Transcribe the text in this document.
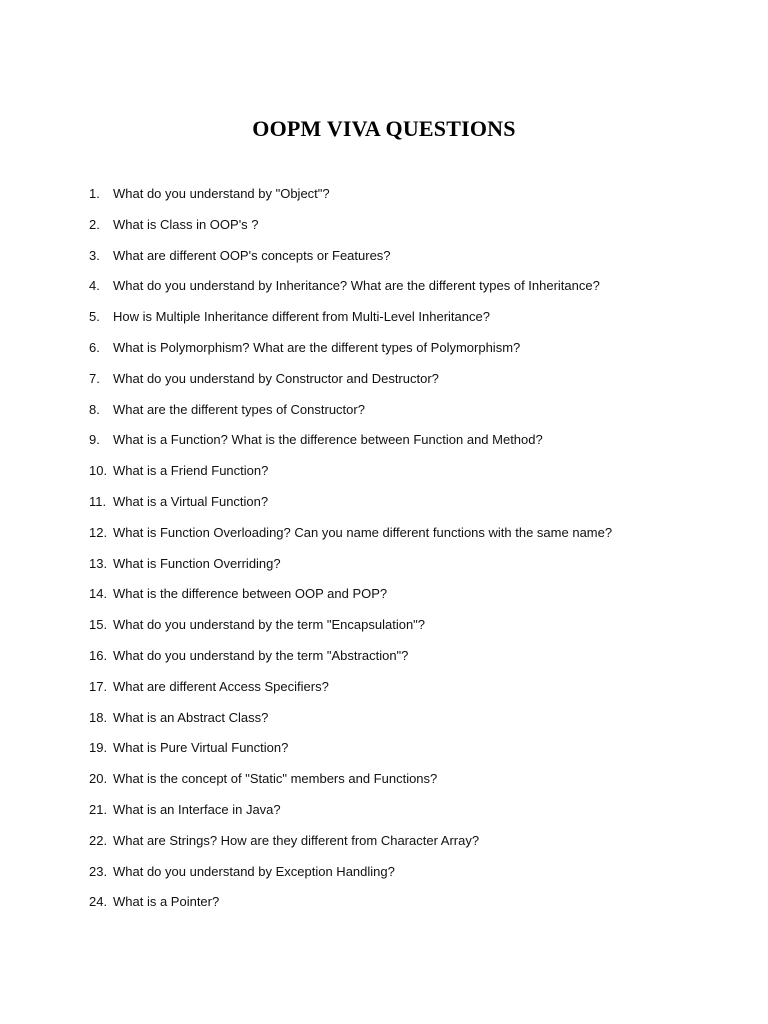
OOPM VIVA QUESTIONS
1. What do you understand by "Object"?
2. What is Class in OOP's ?
3. What are different OOP's concepts or Features?
4. What do you understand by Inheritance? What are the different types of Inheritance?
5. How is Multiple Inheritance different from Multi-Level Inheritance?
6. What is Polymorphism? What are the different types of Polymorphism?
7. What do you understand by Constructor and Destructor?
8. What are the different types of Constructor?
9. What is a Function? What is the difference between Function and Method?
10. What is a Friend Function?
11. What is a Virtual Function?
12. What is Function Overloading? Can you name different functions with the same name?
13. What is Function Overriding?
14. What is the difference between OOP and POP?
15. What do you understand by the term "Encapsulation"?
16. What do you understand by the term "Abstraction"?
17. What are different Access Specifiers?
18. What is an Abstract Class?
19. What is Pure Virtual Function?
20. What is the concept of "Static" members and Functions?
21. What is an Interface in Java?
22. What are Strings? How are they different from Character Array?
23. What do you understand by Exception Handling?
24. What is a Pointer?
